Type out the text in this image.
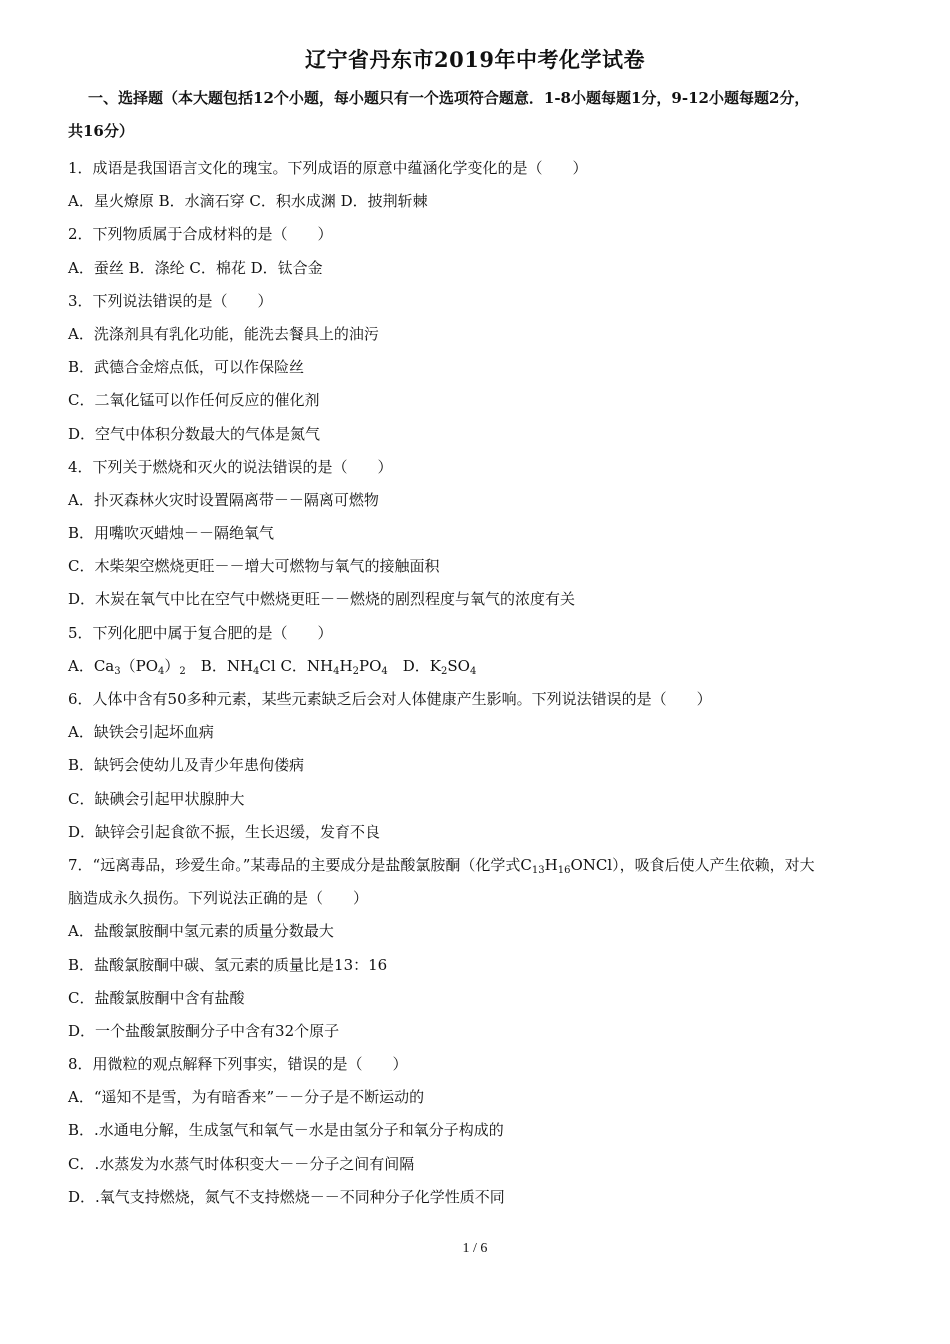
辽宁省丹东市2019年中考化学试卷
一、选择题（本大题包括12个小题，每小题只有一个选项符合题意．1-8小题每题1分，9-12小题每题2分，
共16分）
1．成语是我国语言文化的瑰宝。下列成语的原意中蕴涵化学变化的是（　　）
A．星火燎原 B．水滴石穿 C．积水成渊 D．披荆斩棘
2．下列物质属于合成材料的是（　　）
A．蚕丝 B．涤纶 C．棉花 D．钛合金
3．下列说法错误的是（　　）
A．洗涤剂具有乳化功能，能洗去餐具上的油污
B．武德合金熔点低，可以作保险丝
C．二氧化锰可以作任何反应的催化剂
D．空气中体积分数最大的气体是氮气
4．下列关于燃烧和灭火的说法错误的是（　　）
A．扑灭森林火灾时设置隔离带－－隔离可燃物
B．用嘴吹灭蜡烛－－隔绝氧气
C．木柴架空燃烧更旺－－增大可燃物与氧气的接触面积
D．木炭在氧气中比在空气中燃烧更旺－－燃烧的剧烈程度与氧气的浓度有关
5．下列化肥中属于复合肥的是（　　）
A．$Ca_3(PO_4)_2$　B．$NH_4Cl$ C．$NH_4H_2PO_4$　D．$K_2SO_4$
6．人体中含有50多种元素，某些元素缺乏后会对人体健康产生影响。下列说法错误的是（　　）
A．缺铁会引起坏血病
B．缺钙会使幼儿及青少年患佝偻病
C．缺碘会引起甲状腺肿大
D．缺锌会引起食欲不振，生长迟缓，发育不良
7．“远离毒品，珍爱生命。”某毒品的主要成分是盐酸氯胺酮（化学式$C_{13}H_{16}ONCl$），吸食后使人产生依赖，对大
脑造成永久损伤。下列说法正确的是（　　）
A．盐酸氯胺酮中氢元素的质量分数最大
B．盐酸氯胺酮中碳、氢元素的质量比是13：16
C．盐酸氯胺酮中含有盐酸
D．一个盐酸氯胺酮分子中含有32个原子
8．用微粒的观点解释下列事实，错误的是（　　）
A．“遥知不是雪，为有暗香来”－－分子是不断运动的
B．.水通电分解，生成氢气和氧气－水是由氢分子和氧分子构成的
C．.水蒸发为水蒸气时体积变大－－分子之间有间隔
D．.氧气支持燃烧，氮气不支持燃烧－－不同种分子化学性质不同
1 / 6
